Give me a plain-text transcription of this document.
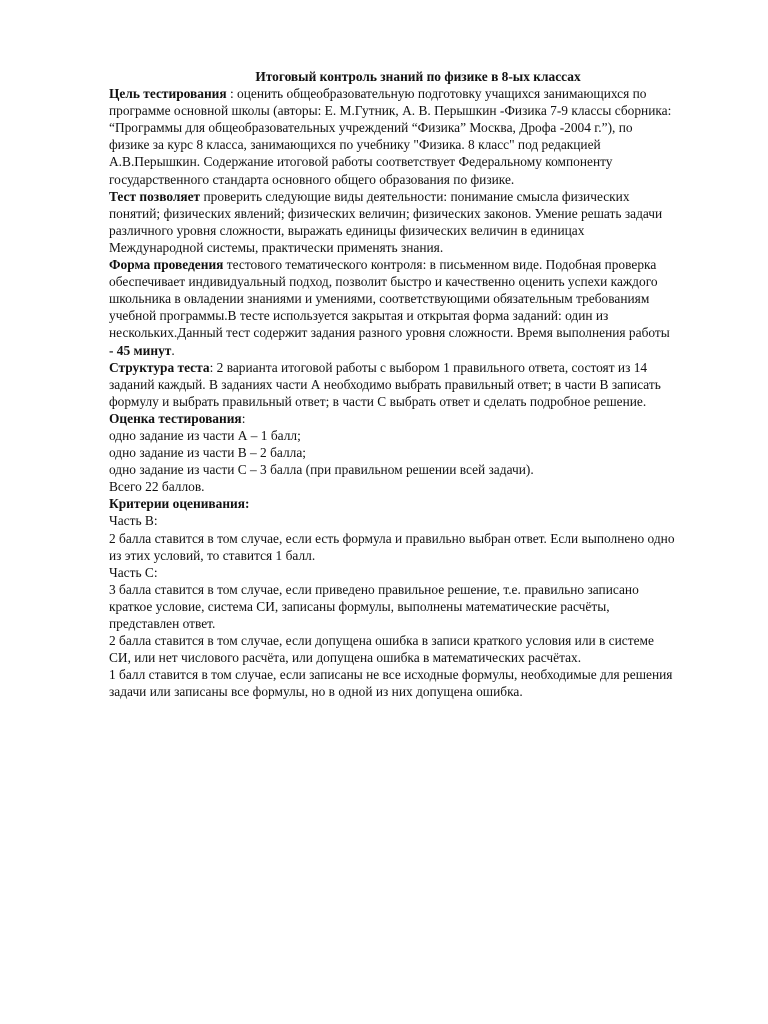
Итоговый контроль знаний по физике в 8-ых классах

Цель тестирования : оценить общеобразовательную подготовку учащихся занимающихся по
программе основной школы (авторы: Е. М.Гутник, А. В. Перышкин -Физика 7-9 классы сборника:
“Программы для общеобразовательных учреждений “Физика” Москва, Дрофа -2004 г.”), по
физике за курс 8 класса, занимающихся по учебнику "Физика. 8 класс" под редакцией
А.В.Перышкин. Содержание итоговой работы соответствует Федеральному компоненту
государственного стандарта основного общего образования по физике.

Тест позволяет проверить следующие виды деятельности: понимание смысла физических
понятий; физических явлений; физических величин; физических законов. Умение решать задачи
различного уровня сложности, выражать единицы физических величин в единицах
Международной системы, практически применять знания.

Форма проведения тестового тематического контроля: в письменном виде. Подобная проверка
обеспечивает индивидуальный подход, позволит быстро и качественно оценить успехи каждого
школьника в овладении знаниями и умениями, соответствующими обязательным требованиям
учебной программы.В тесте используется закрытая и открытая форма заданий: один из
нескольких.Данный тест содержит задания разного уровня сложности. Время выполнения работы
- 45 минут.

Структура теста: 2 варианта итоговой работы с выбором 1 правильного ответа, состоят из 14
заданий каждый. В заданиях части А необходимо выбрать правильный ответ; в части В записать
формулу и выбрать правильный ответ; в части С выбрать ответ и сделать подробное решение.

Оценка тестирования:
одно задание из части А – 1 балл;
одно задание из части В – 2 балла;
одно задание из части С – 3 балла (при правильном решении всей задачи).
Всего 22 баллов.

Критерии оценивания:
Часть В:
2 балла ставится в том случае, если есть формула и правильно выбран ответ. Если выполнено одно
из этих условий, то ставится 1 балл.
Часть С:
3 балла ставится в том случае, если приведено правильное решение, т.е. правильно записано
краткое условие, система СИ, записаны формулы, выполнены математические расчёты,
представлен ответ.
2 балла ставится в том случае, если допущена ошибка в записи краткого условия или в системе
СИ, или нет числового расчёта, или допущена ошибка в математических расчётах.
1 балл ставится в том случае, если записаны не все исходные формулы, необходимые для решения
задачи или записаны все формулы, но в одной из них допущена ошибка.
